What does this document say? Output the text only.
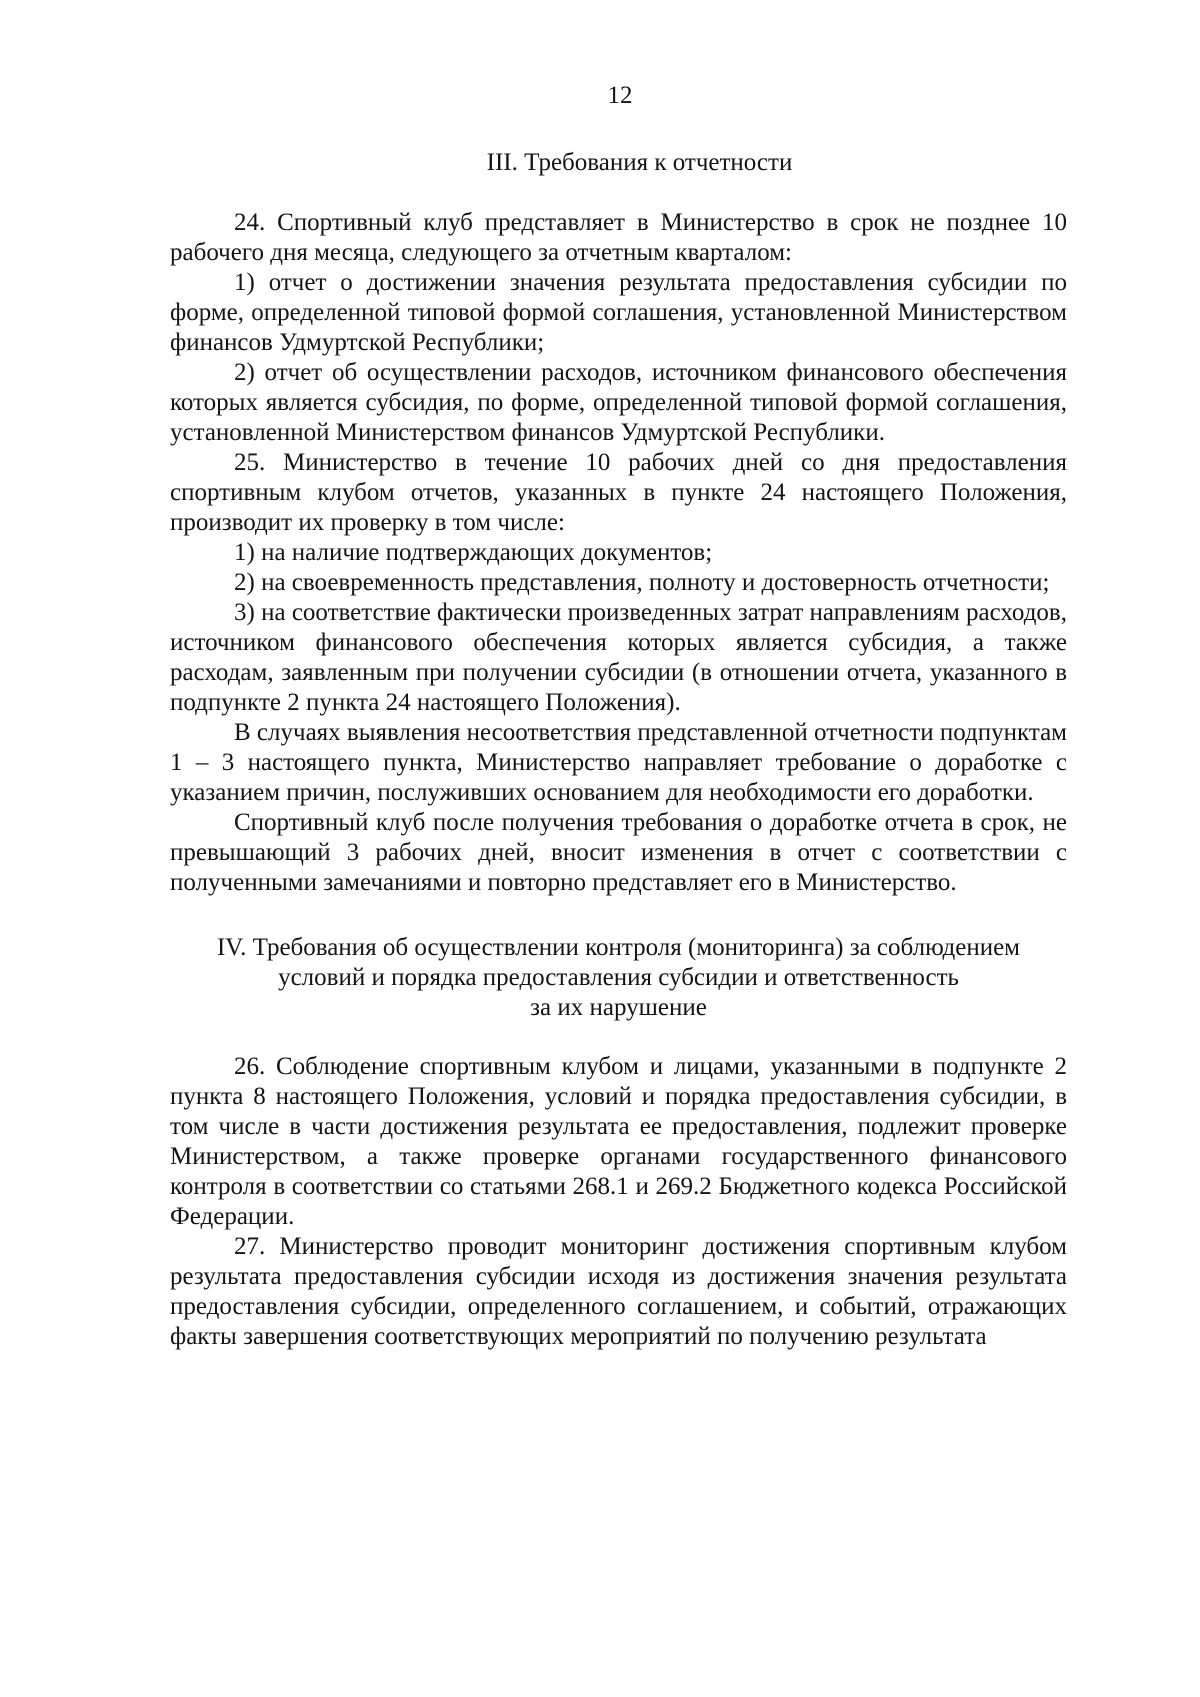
12
III. Требования к отчетности

24. Спортивный клуб представляет в Министерство в срок не позднее 10 рабочего дня месяца, следующего за отчетным кварталом:

1) отчет о достижении значения результата предоставления субсидии по форме, определенной типовой формой соглашения, установленной Министерством финансов Удмуртской Республики;

2) отчет об осуществлении расходов, источником финансового обеспечения которых является субсидия, по форме, определенной типовой формой соглашения, установленной Министерством финансов Удмуртской Республики.

25. Министерство в течение 10 рабочих дней со дня предоставления спортивным клубом отчетов, указанных в пункте 24 настоящего Положения, производит их проверку в том числе:

1) на наличие подтверждающих документов;

2) на своевременность представления, полноту и достоверность отчетности;

3) на соответствие фактически произведенных затрат направлениям расходов, источником финансового обеспечения которых является субсидия, а также расходам, заявленным при получении субсидии (в отношении отчета, указанного в подпункте 2 пункта 24 настоящего Положения).

В случаях выявления несоответствия представленной отчетности подпунктам 1 – 3 настоящего пункта, Министерство направляет требование о доработке с указанием причин, послуживших основанием для необходимости его доработки.

Спортивный клуб после получения требования о доработке отчета в срок, не превышающий 3 рабочих дней, вносит изменения в отчет с соответствии с полученными замечаниями и повторно представляет его в Министерство.

IV. Требования об осуществлении контроля (мониторинга) за соблюдением
условий и порядка предоставления субсидии и ответственность
за их нарушение

26. Соблюдение спортивным клубом и лицами, указанными в подпункте 2 пункта 8 настоящего Положения, условий и порядка предоставления субсидии, в том числе в части достижения результата ее предоставления, подлежит проверке Министерством, а также проверке органами государственного финансового контроля в соответствии со статьями 268.1 и 269.2 Бюджетного кодекса Российской Федерации.

27. Министерство проводит мониторинг достижения спортивным клубом результата предоставления субсидии исходя из достижения значения результата предоставления субсидии, определенного соглашением, и событий, отражающих факты завершения соответствующих мероприятий по получению результата
